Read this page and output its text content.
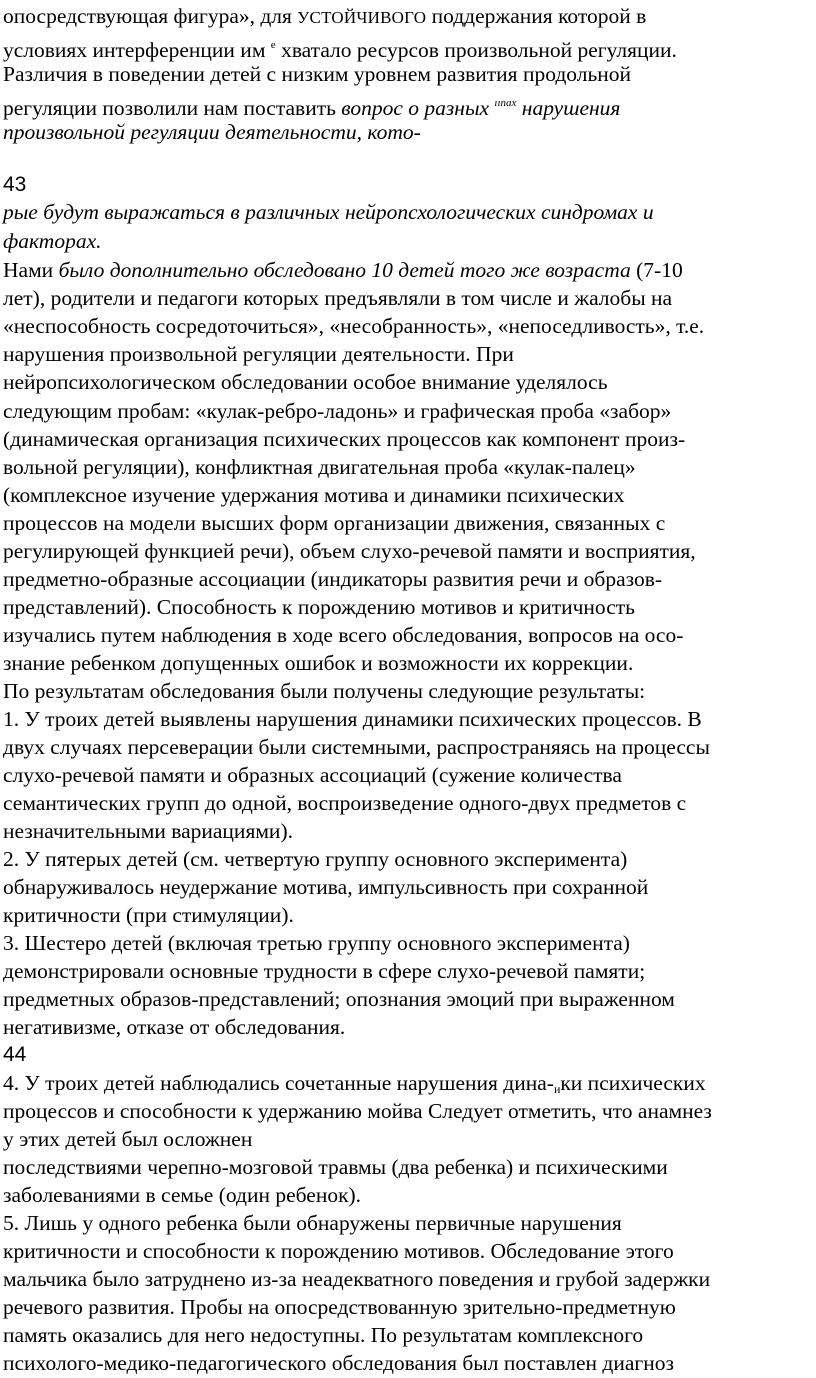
опосредствующая фигура», для УСТОЙЧИВОГО поддержания которой в
условиях интерференции им $^е$ хватало ресурсов произвольной регуляции.
Различия в поведении детей с низким уровнем развития продольной
регуляции позволили нам поставить вопрос о разных $^{ıınax}$ нарушения
произвольной регуляции деятельности, кото-
43
рые будут выражаться в различных нейропсхологических синдромах и
факторах.
Нами было дополнительно обследовано 10 детей того же возраста (7-10
лет), родители и педагоги которых предъявляли в том числе и жалобы на
«неспособность сосредоточиться», «несобранность», «непоседливость», т.е.
нарушения произвольной регуляции деятельности. При
нейропсихологическом обследовании особое внимание уделялось
следующим пробам: «кулак-ребро-ладонь» и графическая проба «забор»
(динамическая организация психических процессов как компонент произ-
вольной регуляции), конфликтная двигательная проба «кулак-палец»
(комплексное изучение удержания мотива и динамики психических
процессов на модели высших форм организации движения, связанных с
регулирующей функцией речи), объем слухо-речевой памяти и восприятия,
предметно-образные ассоциации (индикаторы развития речи и образов-
представлений). Способность к порождению мотивов и критичность
изучались путем наблюдения в ходе всего обследования, вопросов на осо-
знание ребенком допущенных ошибок и возможности их коррекции.
По результатам обследования были получены следующие результаты:
1. У троих детей выявлены нарушения динамики психических процессов. В
двух случаях персеверации были системными, распространяясь на процессы
слухо-речевой памяти и образных ассоциаций (сужение количества
семантических групп до одной, воспроизведение одного-двух предметов с
незначительными вариациями).
2. У пятерых детей (см. четвертую группу основного эксперимента)
обнаруживалось неудержание мотива, импульсивность при сохранной
критичности (при стимуляции).
3. Шестеро детей (включая третью группу основного эксперимента)
демонстрировали основные трудности в сфере слухо-речевой памяти;
предметных образов-представлений; опознания эмоций при выраженном
негативизме, отказе от обследования.
44
4. У троих детей наблюдались сочетанные нарушения дина-$_ики$ психических
процессов и способности к удержанию мойва Следует отметить, что анамнез
у этих детей был осложнен
последствиями черепно-мозговой травмы (два ребенка) и психическими
заболеваниями в семье (один ребенок).
5. Лишь у одного ребенка были обнаружены первичные нарушения
критичности и способности к порождению мотивов. Обследование этого
мальчика было затруднено из-за неадекватного поведения и грубой задержки
речевого развития. Пробы на опосредствованную зрительно-предметную
память оказались для него недоступны. По результатам комплексного
психолого-медико-педагогического обследования был поставлен диагноз
